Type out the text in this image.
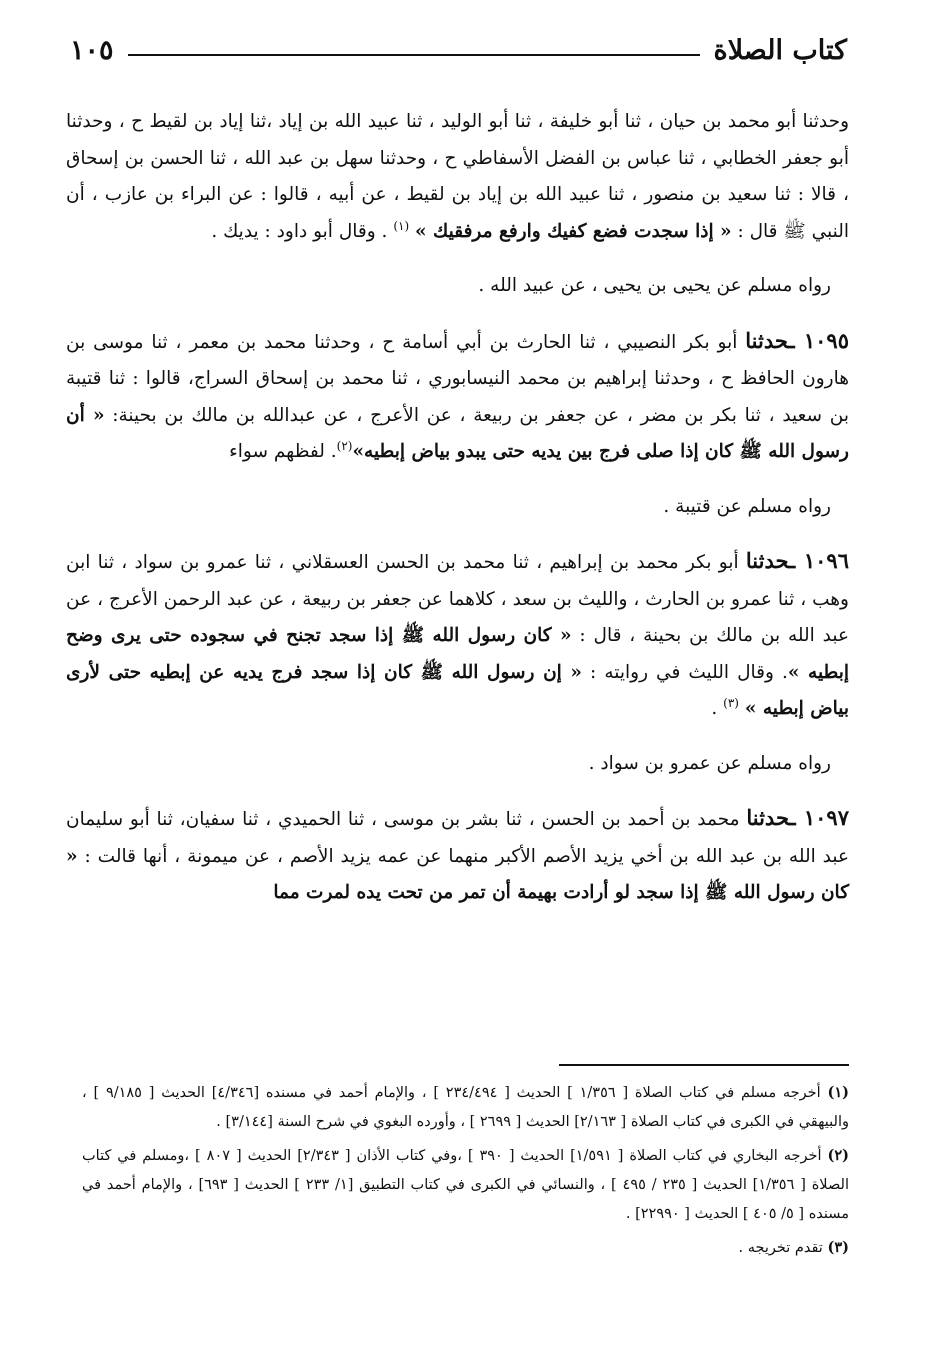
كتاب الصلاة
١٠٥

وحدثنا أبو محمد بن حيان ، ثنا أبو خليفة ، ثنا أبو الوليد ، ثنا عبيد الله بن إياد ،ثنا إياد بن لقيط ح ، وحدثنا أبو جعفر الخطابي ، ثنا عباس بن الفضل الأسفاطي ح ، وحدثنا سهل بن عبد الله ، ثنا الحسن بن إسحاق ، قالا : ثنا سعيد بن منصور ، ثنا عبيد الله بن إياد بن لقيط ، عن أبيه ، قالوا : عن البراء بن عازب ، أن النبي ﷺ قال : « إذا سجدت فضع كفيك وارفع مرفقيك » $^{(١)}$ . وقال أبو داود : يديك .

رواه مسلم عن يحيى بن يحيى ، عن عبيد الله .

١٠٩٥ ـحدثنا أبو بكر النصيبي ، ثنا الحارث بن أبي أسامة ح ، وحدثنا محمد بن معمر ، ثنا موسى بن هارون الحافظ ح ، وحدثنا إبراهيم بن محمد النيسابوري ، ثنا محمد بن إسحاق السراج، قالوا : ثنا قتيبة بن سعيد ، ثنا بكر بن مضر ، عن جعفر بن ربيعة ، عن الأعرج ، عن عبدالله بن مالك بن بحينة: « أن رسول الله ﷺ كان إذا صلى فرج بين يديه حتى يبدو بياض إبطيه»$^{(٢)}$. لفظهم سواء

رواه مسلم عن قتيبة .

١٠٩٦ ـحدثنا أبو بكر محمد بن إبراهيم ، ثنا محمد بن الحسن العسقلاني ، ثنا عمرو بن سواد ، ثنا ابن وهب ، ثنا عمرو بن الحارث ، والليث بن سعد ، كلاهما عن جعفر بن ربيعة ، عن عبد الرحمن الأعرج ، عن عبد الله بن مالك بن بحينة ، قال : « كان رسول الله ﷺ إذا سجد تجنح في سجوده حتى يرى وضح إبطيه ». وقال الليث في روايته : « إن رسول الله ﷺ كان إذا سجد فرج يديه عن إبطيه حتى لأرى بياض إبطيه » $^{(٣)}$ .

رواه مسلم عن عمرو بن سواد .

١٠٩٧ ـحدثنا محمد بن أحمد بن الحسن ، ثنا بشر بن موسى ، ثنا الحميدي ، ثنا سفيان، ثنا أبو سليمان عبد الله بن عبد الله بن أخي يزيد الأصم الأكبر منهما عن عمه يزيد الأصم ، عن ميمونة ، أنها قالت : « كان رسول الله ﷺ إذا سجد لو أرادت بهيمة أن تمر من تحت يده لمرت مما

(١) أخرجه مسلم في كتاب الصلاة [ ١/٣٥٦ ] الحديث [ ٢٣٤/٤٩٤ ] ، والإمام أحمد في مسنده [٤/٣٤٦] الحديث [ ٩/١٨٥ ] ، والبيهقي في الكبرى في كتاب الصلاة [ ٢/١٦٣] الحديث [ ٢٦٩٩ ] ، وأورده البغوي في شرح السنة [٣/١٤٤] .

(٢) أخرجه البخاري في كتاب الصلاة [ ١/٥٩١] الحديث [ ٣٩٠ ] ،وفي كتاب الأذان [ ٢/٣٤٣] الحديث [ ٨٠٧ ] ،ومسلم في كتاب الصلاة [ ١/٣٥٦] الحديث [ ٢٣٥ / ٤٩٥ ] ، والنسائي في الكبرى في كتاب التطبيق [١/ ٢٣٣ ] الحديث [ ٦٩٣] ، والإمام أحمد في مسنده [ ٥/ ٤٠٥ ] الحديث [ ٢٢٩٩٠] .

(٣) تقدم تخريجه .
